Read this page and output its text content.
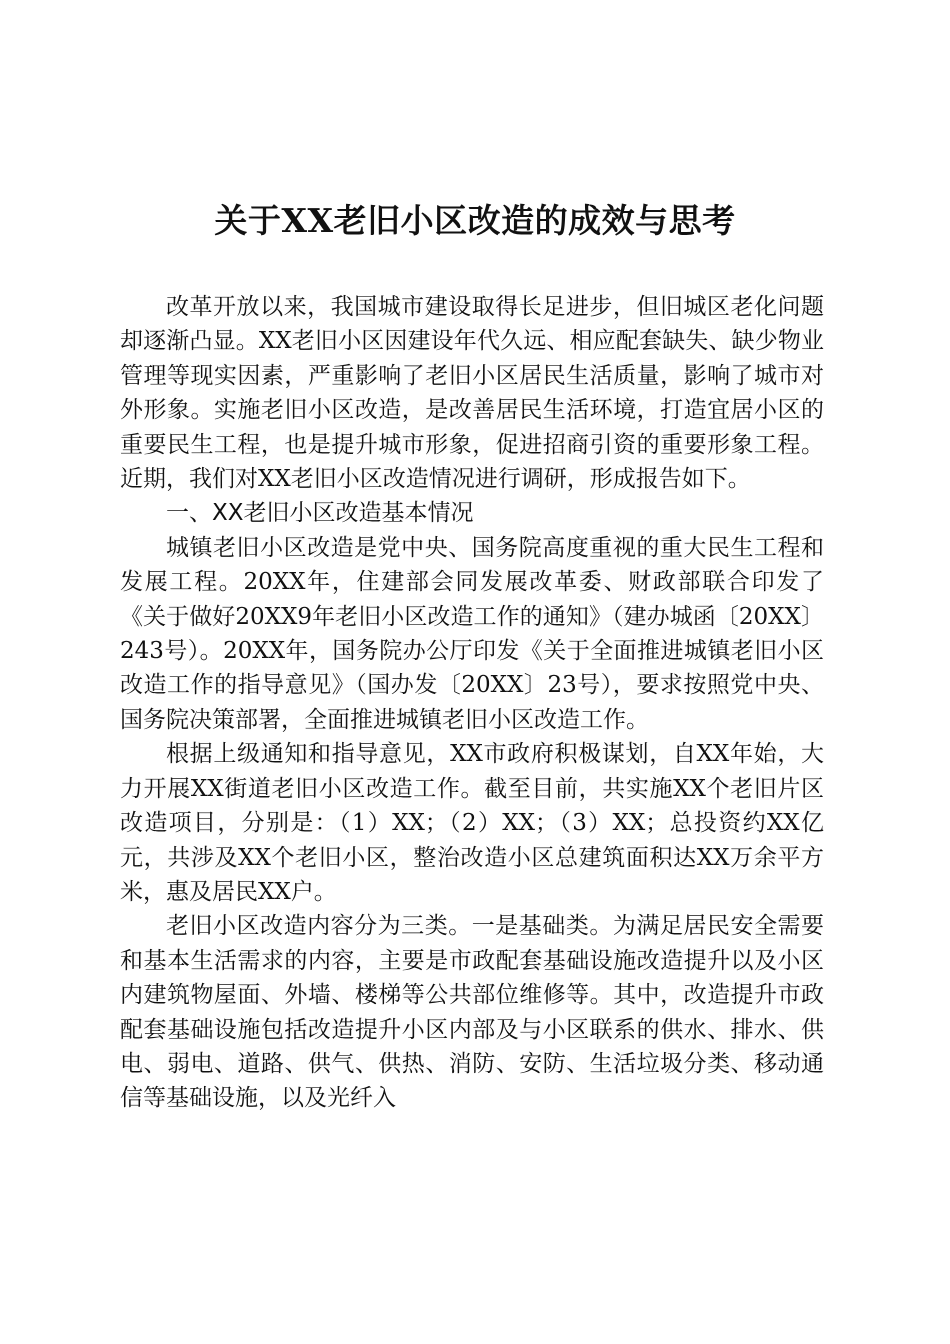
关于XX老旧小区改造的成效与思考

改革开放以来，我国城市建设取得长足进步，但旧城区老化问题却逐渐凸显。XX老旧小区因建设年代久远、相应配套缺失、缺少物业管理等现实因素，严重影响了老旧小区居民生活质量，影响了城市对外形象。实施老旧小区改造，是改善居民生活环境，打造宜居小区的重要民生工程，也是提升城市形象，促进招商引资的重要形象工程。近期，我们对XX老旧小区改造情况进行调研，形成报告如下。

一、XX老旧小区改造基本情况

城镇老旧小区改造是党中央、国务院高度重视的重大民生工程和发展工程。20XX年，住建部会同发展改革委、财政部联合印发了《关于做好20XX9年老旧小区改造工作的通知》（建办城函〔20XX〕243号）。20XX年，国务院办公厅印发《关于全面推进城镇老旧小区改造工作的指导意见》（国办发〔20XX〕23号），要求按照党中央、国务院决策部署，全面推进城镇老旧小区改造工作。

根据上级通知和指导意见，XX市政府积极谋划，自XX年始，大力开展XX街道老旧小区改造工作。截至目前，共实施XX个老旧片区改造项目，分别是：（1）XX；（2）XX；（3）XX；总投资约XX亿元，共涉及XX个老旧小区，整治改造小区总建筑面积达XX万余平方米，惠及居民XX户。

老旧小区改造内容分为三类。一是基础类。为满足居民安全需要和基本生活需求的内容，主要是市政配套基础设施改造提升以及小区内建筑物屋面、外墙、楼梯等公共部位维修等。其中，改造提升市政配套基础设施包括改造提升小区内部及与小区联系的供水、排水、供电、弱电、道路、供气、供热、消防、安防、生活垃圾分类、移动通信等基础设施，以及光纤入
